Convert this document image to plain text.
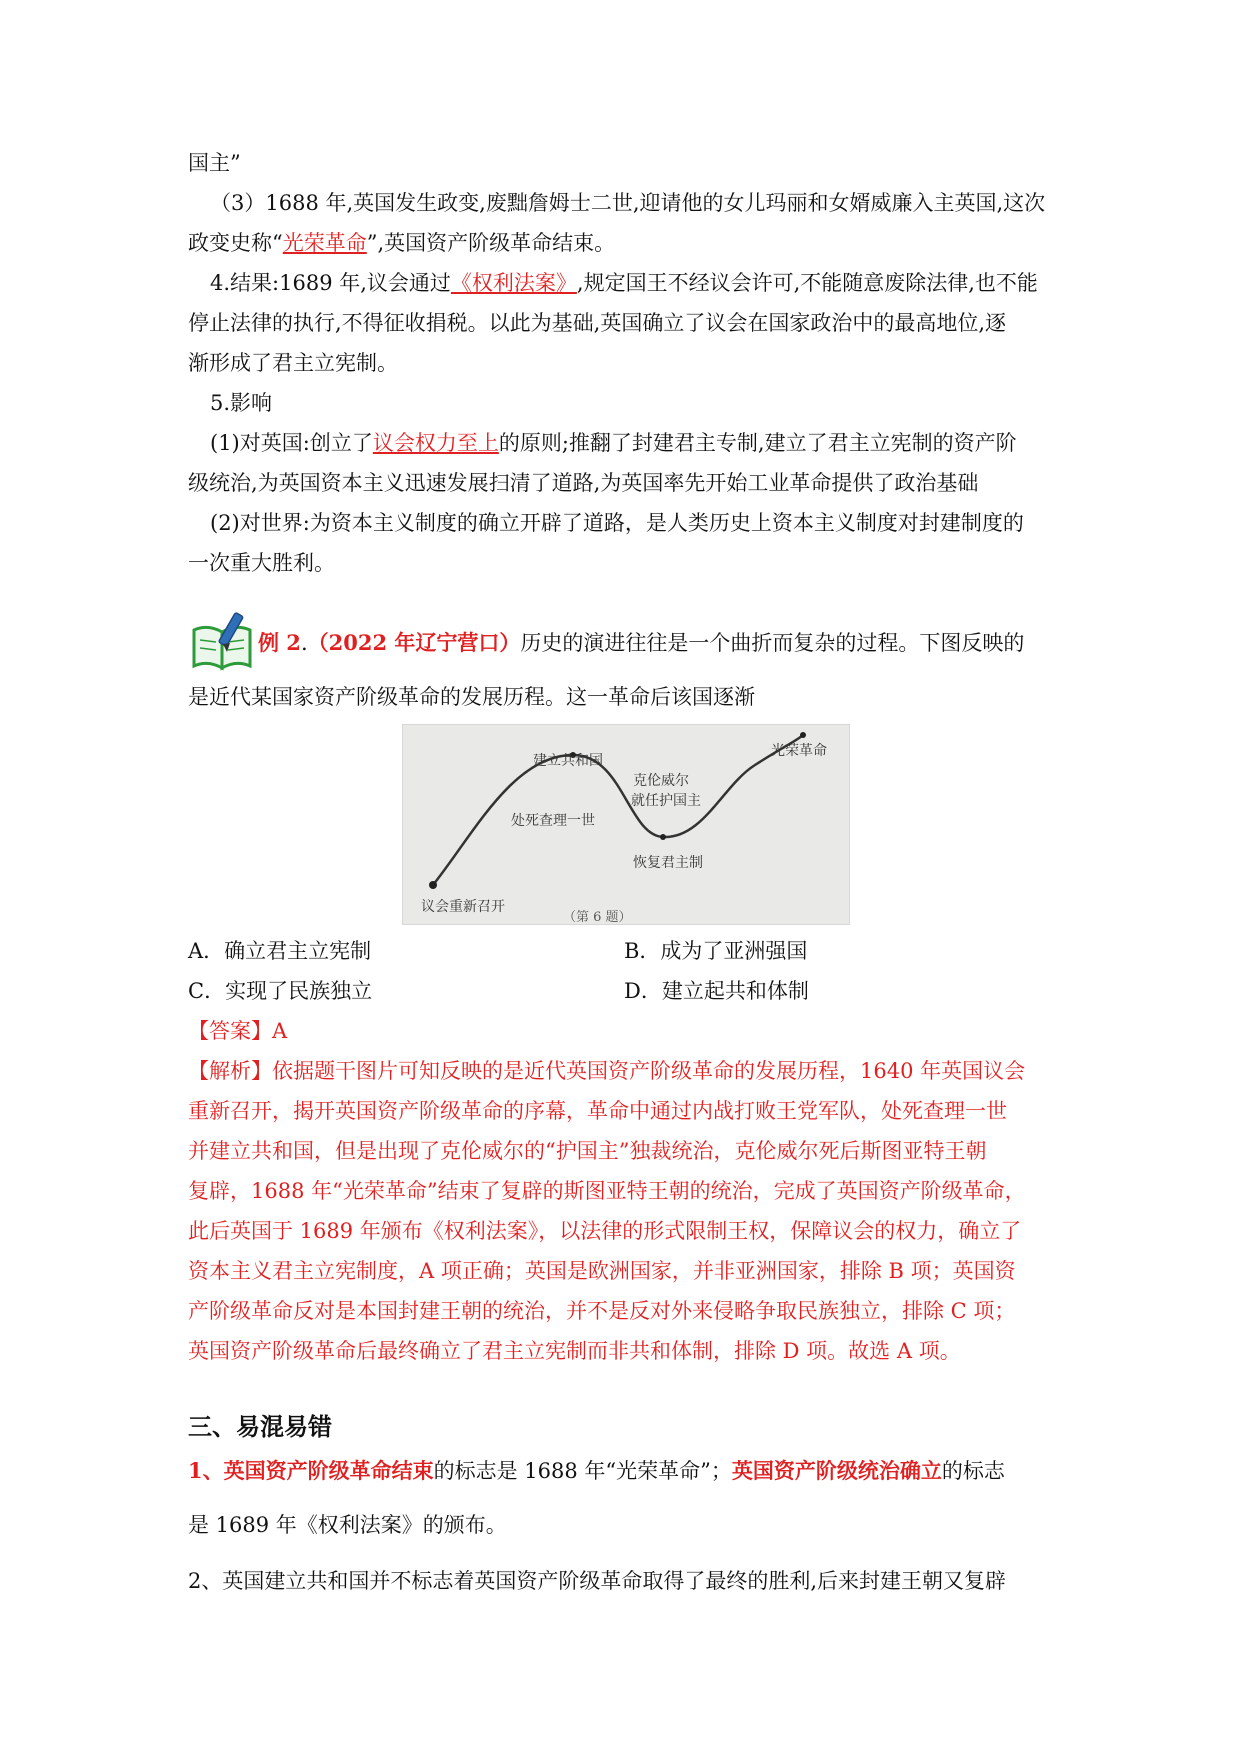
国主”
（3）1688 年,英国发生政变,废黜詹姆士二世,迎请他的女儿玛丽和女婿威廉入主英国,这次
政变史称“光荣革命”,英国资产阶级革命结束。
4.结果:1689 年,议会通过《权利法案》,规定国王不经议会许可,不能随意废除法律,也不能
停止法律的执行,不得征收捐税。以此为基础,英国确立了议会在国家政治中的最高地位,逐
渐形成了君主立宪制。
5.影响
(1)对英国:创立了议会权力至上的原则;推翻了封建君主专制,建立了君主立宪制的资产阶
级统治,为英国资本主义迅速发展扫清了道路,为英国率先开始工业革命提供了政治基础
(2)对世界:为资本主义制度的确立开辟了道路，是人类历史上资本主义制度对封建制度的
一次重大胜利。
例 2.（2022 年辽宁营口）历史的演进往往是一个曲折而复杂的过程。下图反映的
是近代某国家资产阶级革命的发展历程。这一革命后该国逐渐
议会重新召开
处死查理一世
建立共和国
克伦威尔
就任护国主
恢复君主制
光荣革命
（第 6 题）
A．确立君主立宪制	B．成为了亚洲强国
C．实现了民族独立	D．建立起共和体制
【答案】A
【解析】依据题干图片可知反映的是近代英国资产阶级革命的发展历程，1640 年英国议会
重新召开，揭开英国资产阶级革命的序幕，革命中通过内战打败王党军队，处死查理一世
并建立共和国，但是出现了克伦威尔的“护国主”独裁统治，克伦威尔死后斯图亚特王朝
复辟，1688 年“光荣革命”结束了复辟的斯图亚特王朝的统治，完成了英国资产阶级革命，
此后英国于 1689 年颁布《权利法案》，以法律的形式限制王权，保障议会的权力，确立了
资本主义君主立宪制度，A 项正确；英国是欧洲国家，并非亚洲国家，排除 B 项；英国资
产阶级革命反对是本国封建王朝的统治，并不是反对外来侵略争取民族独立，排除 C 项；
英国资产阶级革命后最终确立了君主立宪制而非共和体制，排除 D 项。故选 A 项。
三、易混易错
1、英国资产阶级革命结束的标志是 1688 年“光荣革命”；英国资产阶级统治确立的标志
是 1689 年《权利法案》的颁布。
2、英国建立共和国并不标志着英国资产阶级革命取得了最终的胜利,后来封建王朝又复辟
